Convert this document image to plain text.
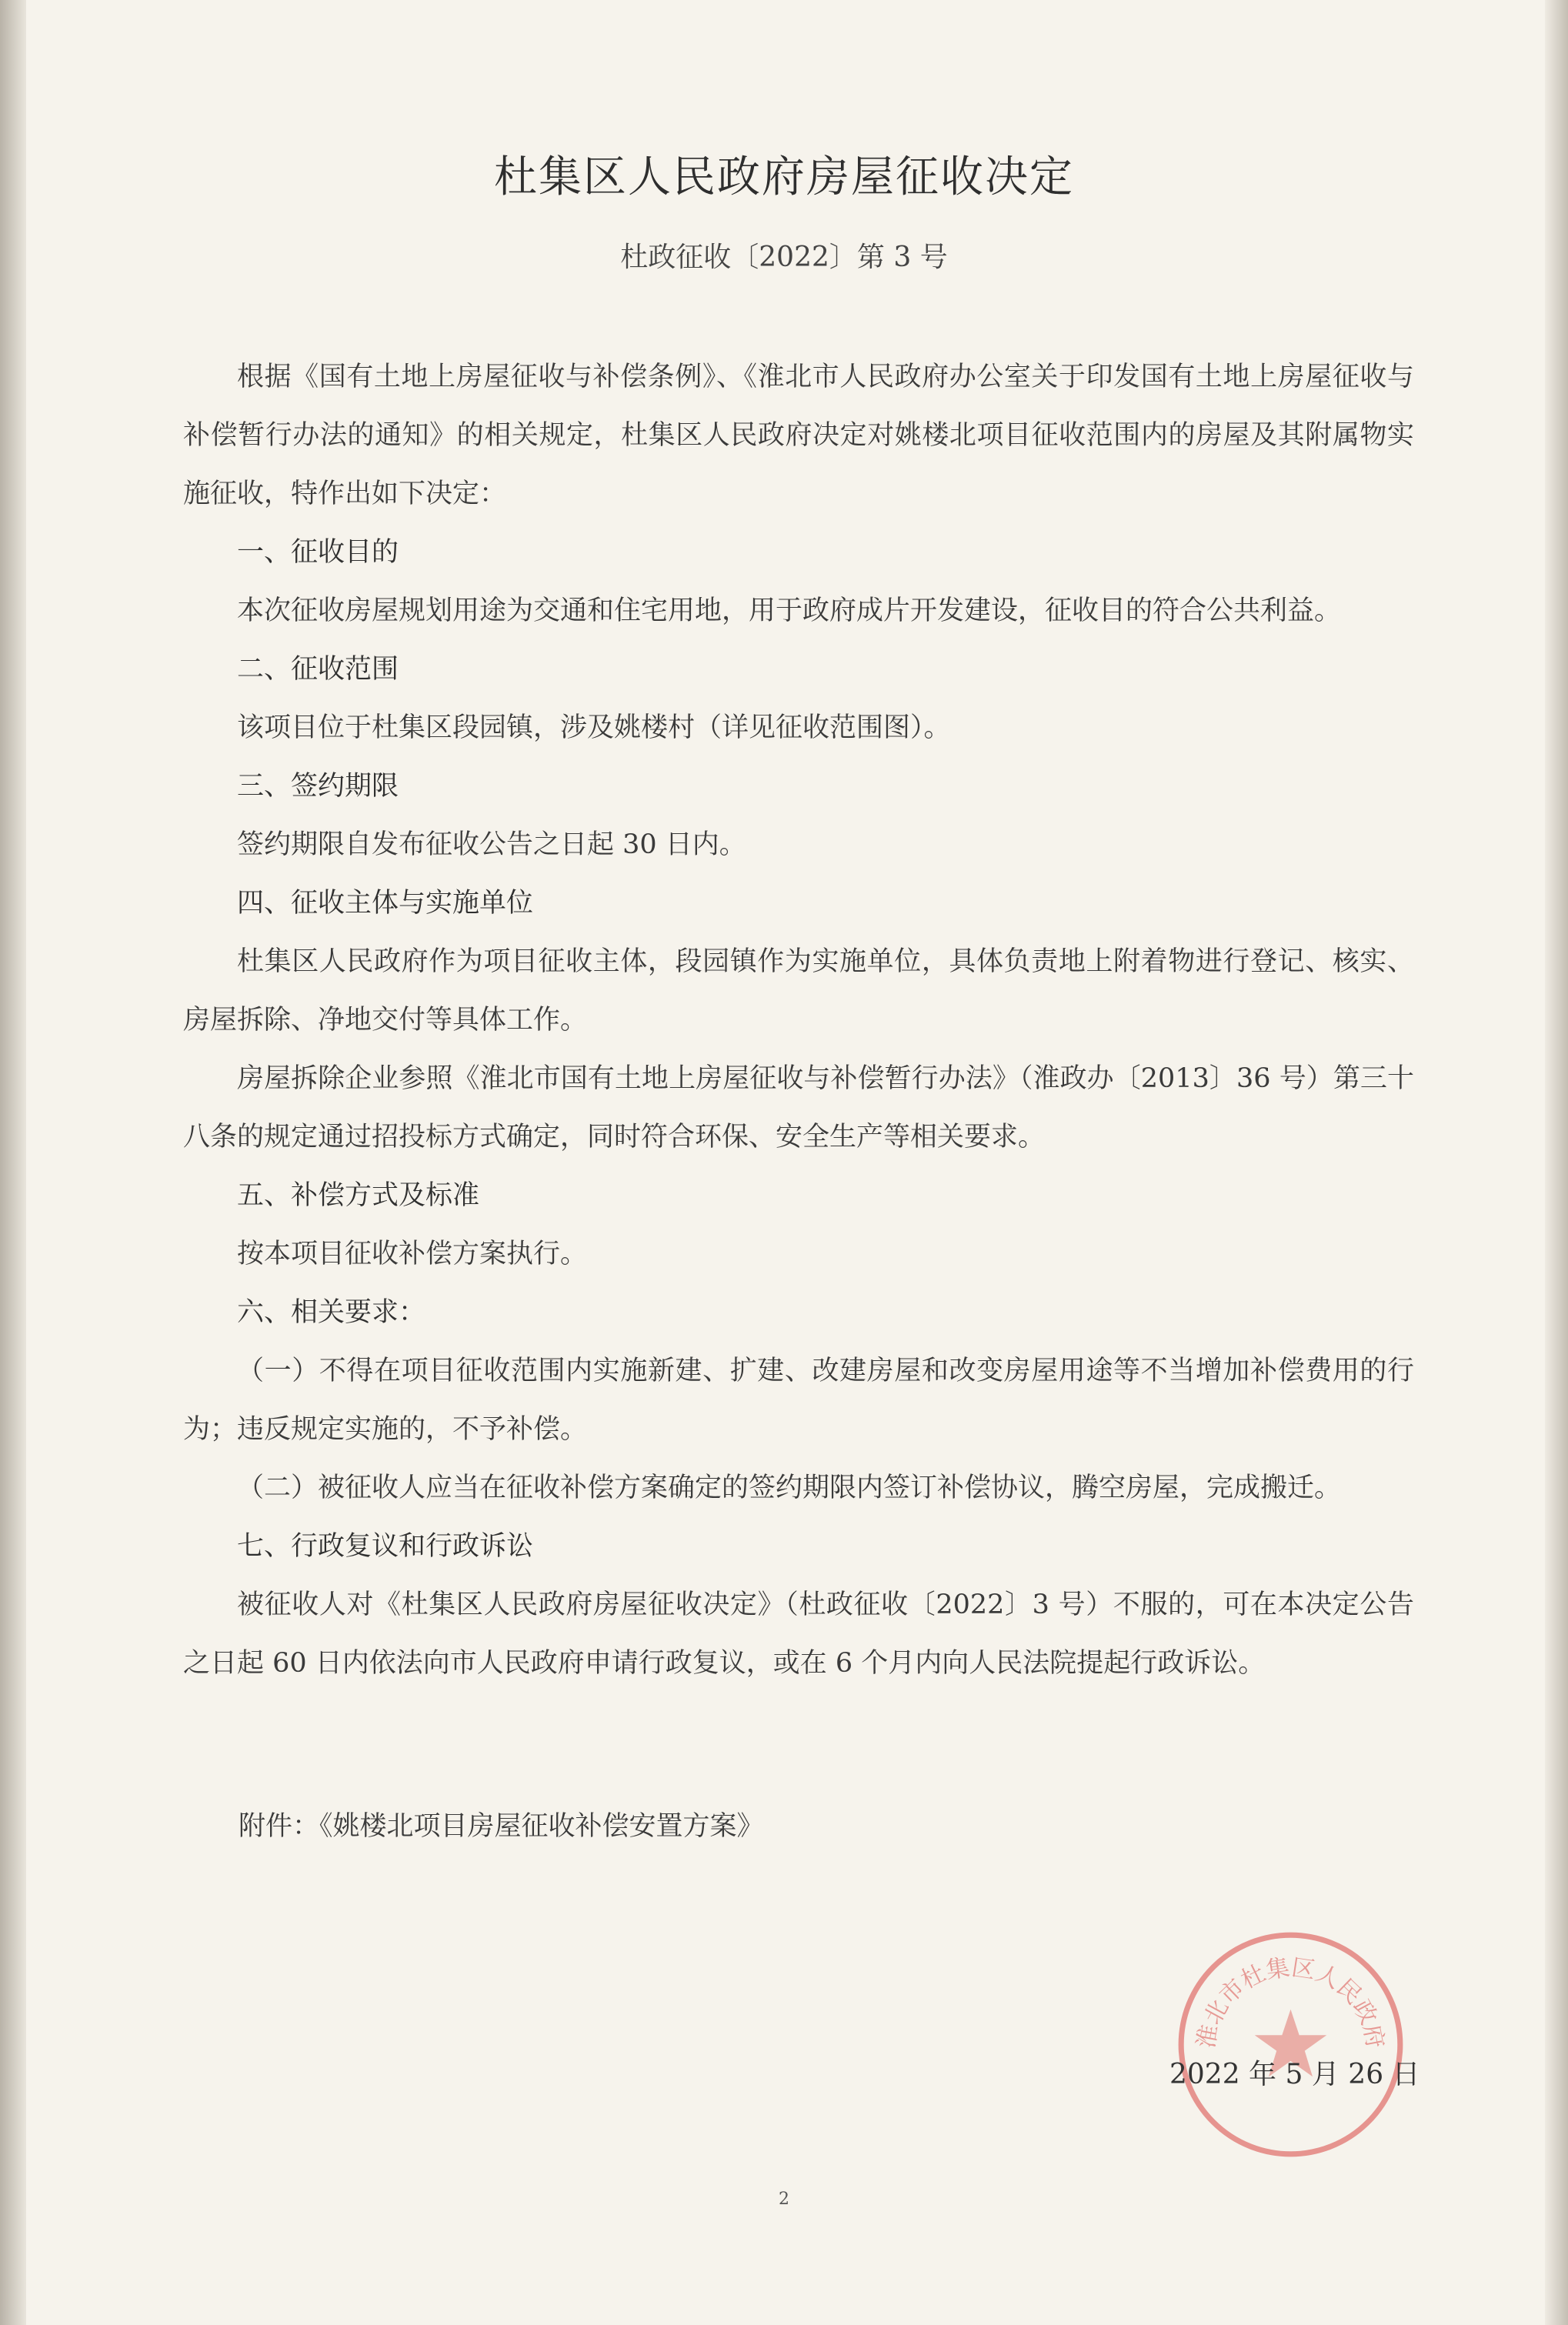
杜集区人民政府房屋征收决定
杜政征收〔2022〕第 3 号

根据《国有土地上房屋征收与补偿条例》、《淮北市人民政府办公室关于印发国有土地上房屋征收与补偿暂行办法的通知》的相关规定，杜集区人民政府决定对姚楼北项目征收范围内的房屋及其附属物实施征收，特作出如下决定：

一、征收目的

本次征收房屋规划用途为交通和住宅用地，用于政府成片开发建设，征收目的符合公共利益。

二、征收范围

该项目位于杜集区段园镇，涉及姚楼村（详见征收范围图）。

三、签约期限

签约期限自发布征收公告之日起 30 日内。

四、征收主体与实施单位

杜集区人民政府作为项目征收主体，段园镇作为实施单位，具体负责地上附着物进行登记、核实、房屋拆除、净地交付等具体工作。

房屋拆除企业参照《淮北市国有土地上房屋征收与补偿暂行办法》（淮政办〔2013〕36 号）第三十八条的规定通过招投标方式确定，同时符合环保、安全生产等相关要求。

五、补偿方式及标准

按本项目征收补偿方案执行。

六、相关要求：

（一）不得在项目征收范围内实施新建、扩建、改建房屋和改变房屋用途等不当增加补偿费用的行为；违反规定实施的，不予补偿。

（二）被征收人应当在征收补偿方案确定的签约期限内签订补偿协议，腾空房屋，完成搬迁。

七、行政复议和行政诉讼

被征收人对《杜集区人民政府房屋征收决定》（杜政征收〔2022〕3 号）不服的，可在本决定公告之日起 60 日内依法向市人民政府申请行政复议，或在 6 个月内向人民法院提起行政诉讼。

附件：《姚楼北项目房屋征收补偿安置方案》
淮北市杜集区人民政府
2022 年 5 月 26 日
2
